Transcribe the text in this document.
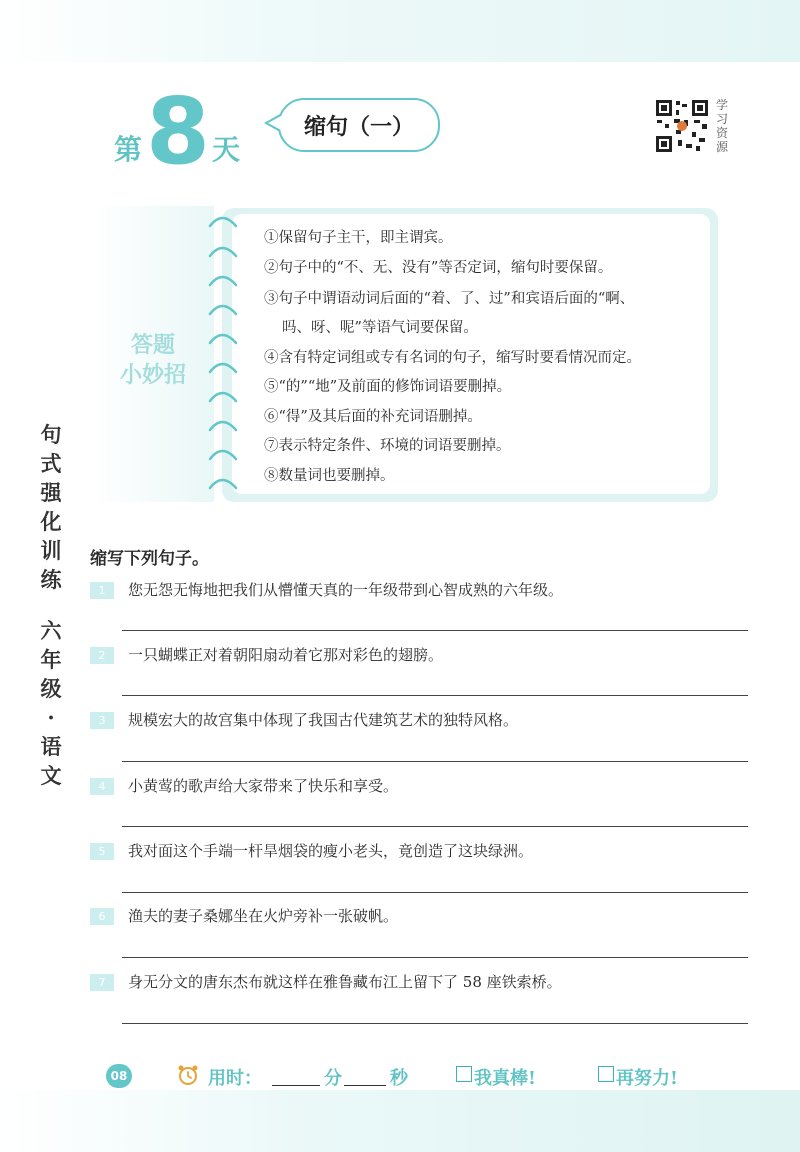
第 8 天
缩句（一）
学习资源
答题
小妙招
①保留句子主干，即主谓宾。
②句子中的“不、无、没有”等否定词，缩句时要保留。
③句子中谓语动词后面的“着、了、过”和宾语后面的“啊、
吗、呀、呢”等语气词要保留。
④含有特定词组或专有名词的句子，缩写时要看情况而定。
⑤“的”“地”及前面的修饰词语要删掉。
⑥“得”及其后面的补充词语删掉。
⑦表示特定条件、环境的词语要删掉。
⑧数量词也要删掉。
句
式
强
化
训
练
六
年
级
·
语
文
缩写下列句子。
1	您无怨无悔地把我们从懵懂天真的一年级带到心智成熟的六年级。
2	一只蝴蝶正对着朝阳扇动着它那对彩色的翅膀。
3	规模宏大的故宫集中体现了我国古代建筑艺术的独特风格。
4	小黄莺的歌声给大家带来了快乐和享受。
5	我对面这个手端一杆旱烟袋的瘦小老头，竟创造了这块绿洲。
6	渔夫的妻子桑娜坐在火炉旁补一张破帆。
7	身无分文的唐东杰布就这样在雅鲁藏布江上留下了 58 座铁索桥。
08	用时：	分	秒	我真棒!	再努力!
